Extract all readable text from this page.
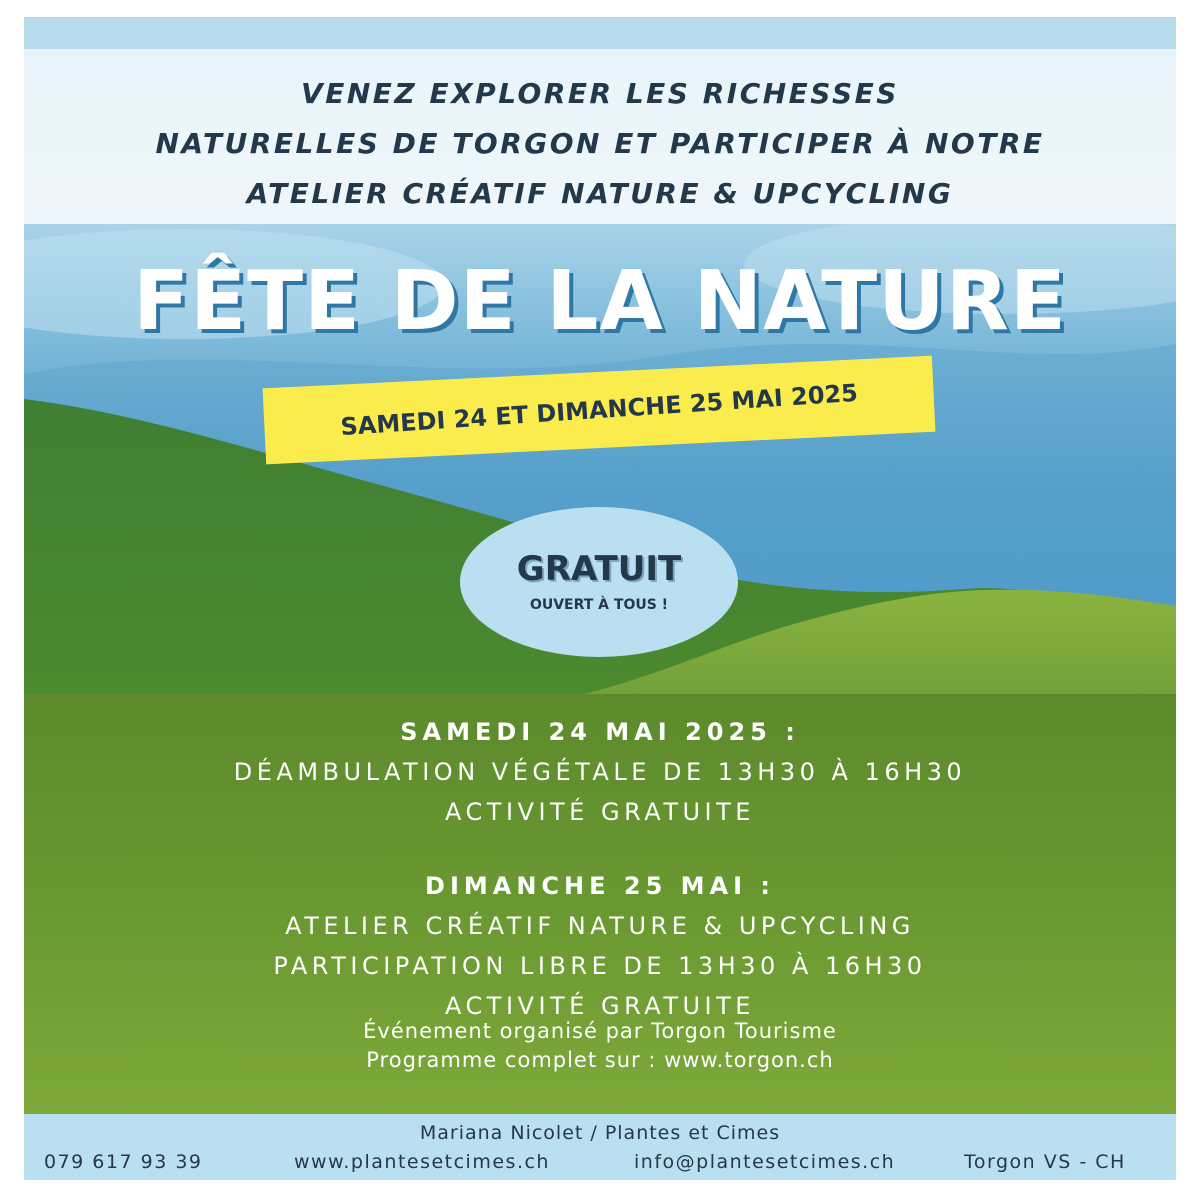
VENEZ EXPLORER LES RICHESSES
NATURELLES DE TORGON ET PARTICIPER À NOTRE
ATELIER CRÉATIF NATURE & UPCYCLING
FÊTE DE LA NATURE
SAMEDI 24 ET DIMANCHE 25 MAI 2025
GRATUIT
OUVERT À TOUS !
SAMEDI 24 MAI 2025 :
DÉAMBULATION VÉGÉTALE DE 13H30 À 16H30
ACTIVITÉ GRATUITE
DIMANCHE 25 MAI :
ATELIER CRÉATIF NATURE & UPCYCLING
PARTICIPATION LIBRE DE 13H30 À 16H30
ACTIVITÉ GRATUITE
Événement organisé par Torgon Tourisme
Programme complet sur : www.torgon.ch
Mariana Nicolet / Plantes et Cimes
079 617 93 39	www.plantesetcimes.ch	info@plantesetcimes.ch	Torgon VS - CH
